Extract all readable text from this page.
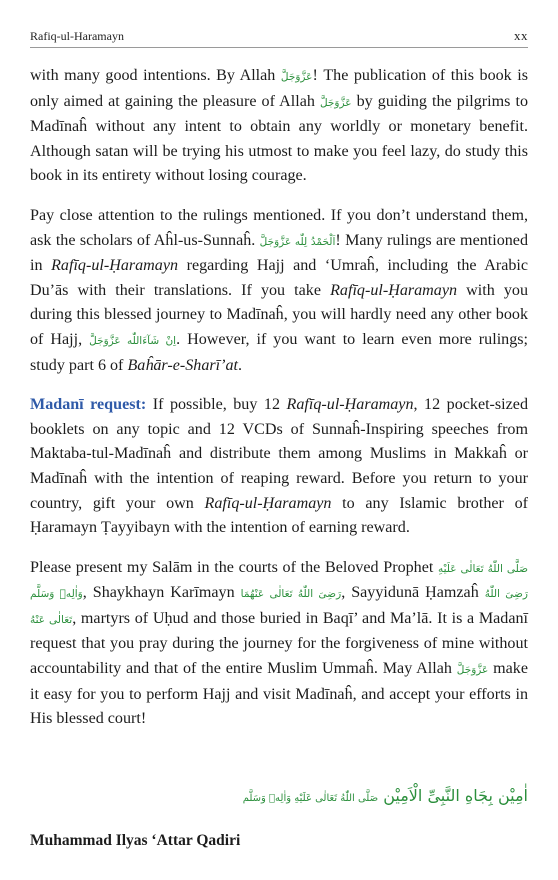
Rafiq-ul-Haramayn	xx

with many good intentions. By Allah عَزَّوَجَلَّ! The publication of this book is only aimed at gaining the pleasure of Allah عَزَّوَجَلَّ by guiding the pilgrims to Madīnaĥ without any intent to obtain any worldly or monetary benefit. Although satan will be trying his utmost to make you feel lazy, do study this book in its entirety without losing courage.

Pay close attention to the rulings mentioned. If you don’t understand them, ask the scholars of Aĥl-us-Sunnaĥ. اَلْحَمْدُ لِلّٰه عَزَّوَجَلَّ! Many rulings are mentioned in Rafīq-ul-Ḥaramayn regarding Hajj and ‘Umraĥ, including the Arabic Du’ās with their translations. If you take Rafīq-ul-Ḥaramayn with you during this blessed journey to Madīnaĥ, you will hardly need any other book of Hajj, اِنْ شَآءَاللّٰه عَزَّوَجَلَّ. However, if you want to learn even more rulings; study part 6 of Baĥār-e-Sharī’at.

Madanī request: If possible, buy 12 Rafīq-ul-Ḥaramayn, 12 pocket-sized booklets on any topic and 12 VCDs of Sunnaĥ-Inspiring speeches from Maktaba-tul-Madīnaĥ and distribute them among Muslims in Makkaĥ or Madīnaĥ with the intention of reaping reward. Before you return to your country, gift your own Rafīq-ul-Ḥaramayn to any Islamic brother of Ḥaramayn Ṭayyibayn with the intention of earning reward.

Please present my Salām in the courts of the Beloved Prophet صَلَّی اللّٰهُ تَعَالٰی عَلَیْهِ وَاٰلِهٖ وَسَلَّم, Shaykhayn Karīmayn رَضِیَ اللّٰهُ تَعَالٰی عَنْهُمَا, Sayyidunā Ḥamzaĥ رَضِیَ اللّٰهُ تَعَالٰی عَنْهُ, martyrs of Uḥud and those buried in Baqī’ and Ma’lā. It is a Madanī request that you pray during the journey for the forgiveness of mine without accountability and that of the entire Muslim Ummaĥ. May Allah عَزَّوَجَلَّ make it easy for you to perform Hajj and visit Madīnaĥ, and accept your efforts in His blessed court!

اٰمِیْن بِجَاهِ النَّبِیِّ الْاَمِیْن صَلَّی اللّٰهُ تَعَالٰی عَلَیْهِ وَاٰلِهٖ وَسَلَّم
Muhammad Ilyas ‘Attar Qadiri
